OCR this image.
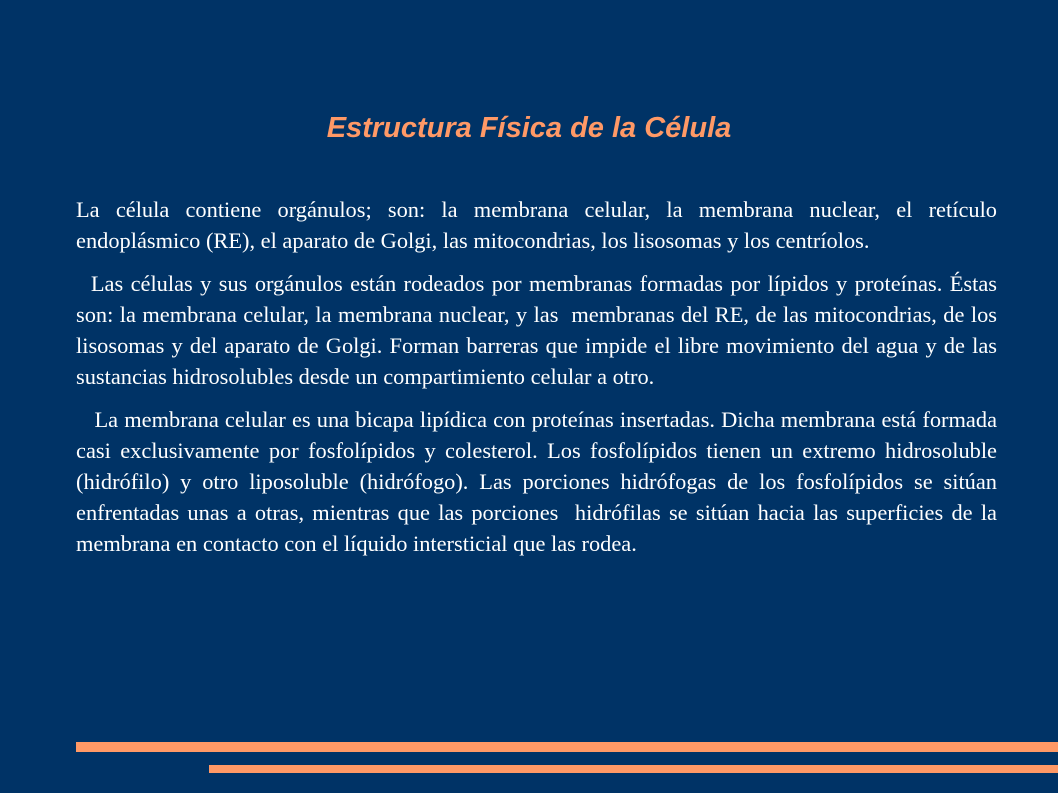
Estructura Física de la Célula

La célula contiene orgánulos; son: la membrana celular, la membrana nuclear, el retículo endoplásmico (RE), el aparato de Golgi, las mitocondrias, los lisosomas y los centríolos.

Las células y sus orgánulos están rodeados por membranas formadas por lípidos y proteínas. Éstas son: la membrana celular, la membrana nuclear, y las  membranas del RE, de las mitocondrias, de los lisosomas y del aparato de Golgi. Forman barreras que impide el libre movimiento del agua y de las sustancias hidrosolubles desde un compartimiento celular a otro.

La membrana celular es una bicapa lipídica con proteínas insertadas. Dicha membrana está formada casi exclusivamente por fosfolípidos y colesterol. Los fosfolípidos tienen un extremo hidrosoluble (hidrófilo) y otro liposoluble (hidrófogo). Las porciones hidrófogas de los fosfolípidos se sitúan enfrentadas unas a otras, mientras que las porciones  hidrófilas se sitúan hacia las superficies de la membrana en contacto con el líquido intersticial que las rodea.
